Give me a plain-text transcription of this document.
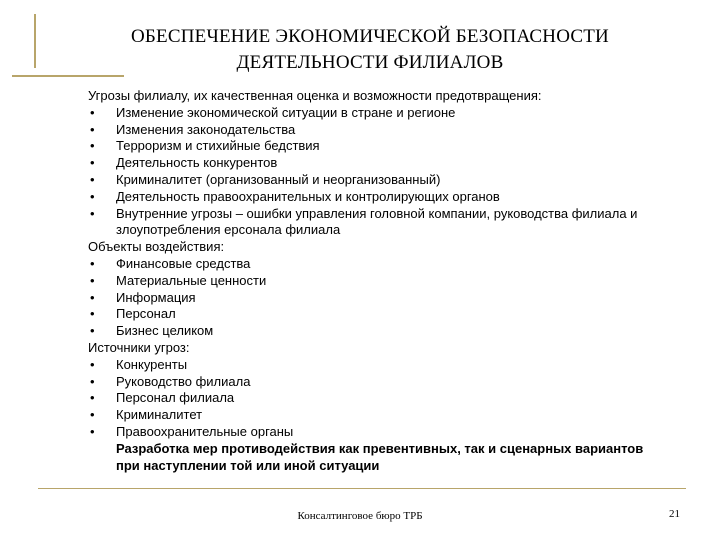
ОБЕСПЕЧЕНИЕ ЭКОНОМИЧЕСКОЙ БЕЗОПАСНОСТИ
ДЕЯТЕЛЬНОСТИ ФИЛИАЛОВ
Угрозы филиалу, их качественная оценка и возможности предотвращения:
•	Изменение экономической ситуации в стране и регионе
•	Изменения законодательства
•	Терроризм и стихийные бедствия
•	Деятельность конкурентов
•	Криминалитет (организованный и неорганизованный)
•	Деятельность правоохранительных и контролирующих органов
•	Внутренние угрозы – ошибки управления головной компании, руководства филиала и злоупотребления ерсонала филиала
Объекты воздействия:
•	Финансовые средства
•	Материальные ценности
•	Информация
•	Персонал
•	Бизнес целиком
Источники угроз:
•	Конкуренты
•	Руководство филиала
•	Персонал филиала
•	Криминалитет
•	Правоохранительные органы
Разработка мер противодействия как превентивных, так и сценарных вариантов при наступлении той или иной ситуации
Консалтинговое бюро ТРБ	21
